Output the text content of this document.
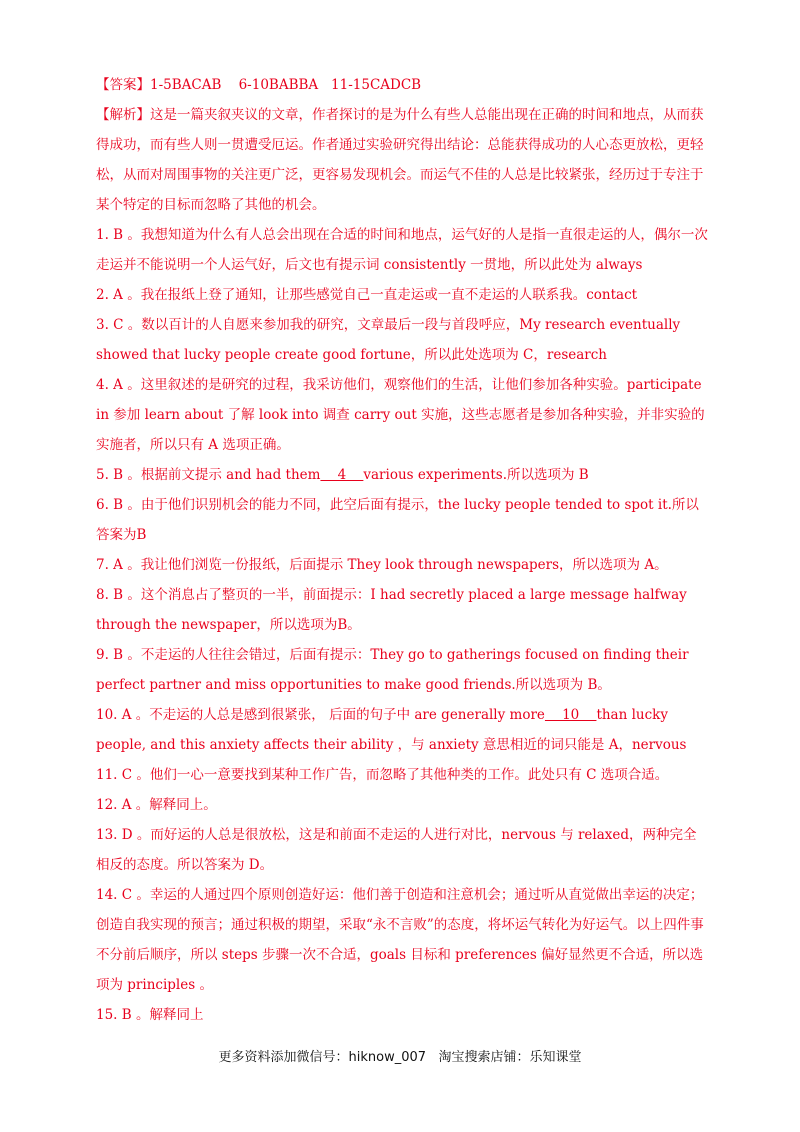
【答案】1-5BACAB    6-10BABBA   11-15CADCB
【解析】这是一篇夹叙夹议的文章，作者探讨的是为什么有些人总能出现在正确的时间和地点，从而获得成功，而有些人则一贯遭受厄运。作者通过实验研究得出结论：总能获得成功的人心态更放松，更轻松，从而对周围事物的关注更广泛，更容易发现机会。而运气不佳的人总是比较紧张，经历过于专注于某个特定的目标而忽略了其他的机会。
1. B 。我想知道为什么有人总会出现在合适的时间和地点，运气好的人是指一直很走运的人，偶尔一次走运并不能说明一个人运气好，后文也有提示词 consistently 一贯地，所以此处为 always
2. A 。我在报纸上登了通知，让那些感觉自己一直走运或一直不走运的人联系我。contact
3. C 。数以百计的人自愿来参加我的研究，文章最后一段与首段呼应，My research eventually showed that lucky people create good fortune，所以此处选项为 C，research
4. A 。这里叙述的是研究的过程，我采访他们，观察他们的生活，让他们参加各种实验。participate in 参加 learn about 了解 look into 调查 carry out 实施，这些志愿者是参加各种实验，并非实验的实施者，所以只有 A 选项正确。
5. B 。根据前文提示 and had them    4    various experiments.所以选项为 B
6. B 。由于他们识别机会的能力不同，此空后面有提示，the lucky people tended to spot it.所以答案为B
7. A 。我让他们浏览一份报纸，后面提示 They look through newspapers，所以选项为 A。
8. B 。这个消息占了整页的一半，前面提示：I had secretly placed a large message halfway through the newspaper，所以选项为B。
9. B 。不走运的人往往会错过，后面有提示：They go to gatherings focused on finding their perfect partner and miss opportunities to make good friends.所以选项为 B。
10. A 。不走运的人总是感到很紧张， 后面的句子中 are generally more    10    than lucky people, and this anxiety affects their ability ，与 anxiety 意思相近的词只能是 A，nervous
11. C 。他们一心一意要找到某种工作广告，而忽略了其他种类的工作。此处只有 C 选项合适。
12. A 。解释同上。
13. D 。而好运的人总是很放松，这是和前面不走运的人进行对比，nervous 与 relaxed，两种完全相反的态度。所以答案为 D。
14. C 。幸运的人通过四个原则创造好运：他们善于创造和注意机会；通过听从直觉做出幸运的决定；创造自我实现的预言；通过积极的期望，采取“永不言败”的态度，将坏运气转化为好运气。以上四件事不分前后顺序，所以 steps 步骤一次不合适，goals 目标和 preferences 偏好显然更不合适，所以选项为 principles 。
15. B 。解释同上
更多资料添加微信号：hiknow_007   淘宝搜索店铺：乐知课堂
